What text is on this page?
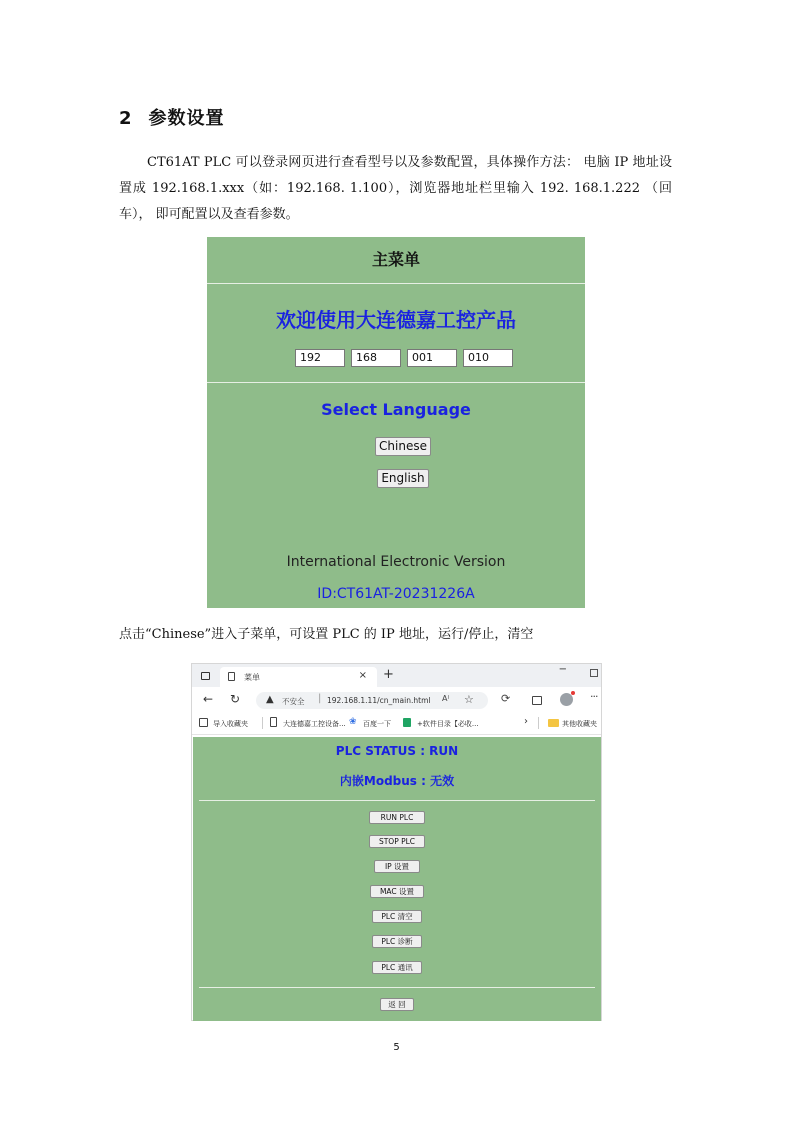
2 参数设置

CT61AT PLC 可以登录网页进行查看型号以及参数配置，具体操作方法： 电脑 IP 地址设置成 192.168.1.xxx（如：192.168. 1.100），浏览器地址栏里输入 192. 168.1.222 （回车）， 即可配置以及查看参数。

主菜单
欢迎使用大连德嘉工控产品
192	168	001	010
Select Language
Chinese
English
International Electronic Version
ID:CT61AT-20231226A

点击“Chinese”进入子菜单，可设置 PLC 的 IP 地址，运行/停止，清空

菜单	× +	−
← ↻	▲ 不安全 | 192.168.1.11/cn_main.html A⁾ ☆ ⟳	···
导入收藏夹	大连德嘉工控设备... ❀ 百度一下	+软件目录【必收...	›	其他收藏夹
PLC STATUS : RUN
内嵌Modbus : 无效
RUN PLC
STOP PLC
IP 设置
MAC 设置
PLC 清空
PLC 诊断
PLC 通讯
返 回
5
